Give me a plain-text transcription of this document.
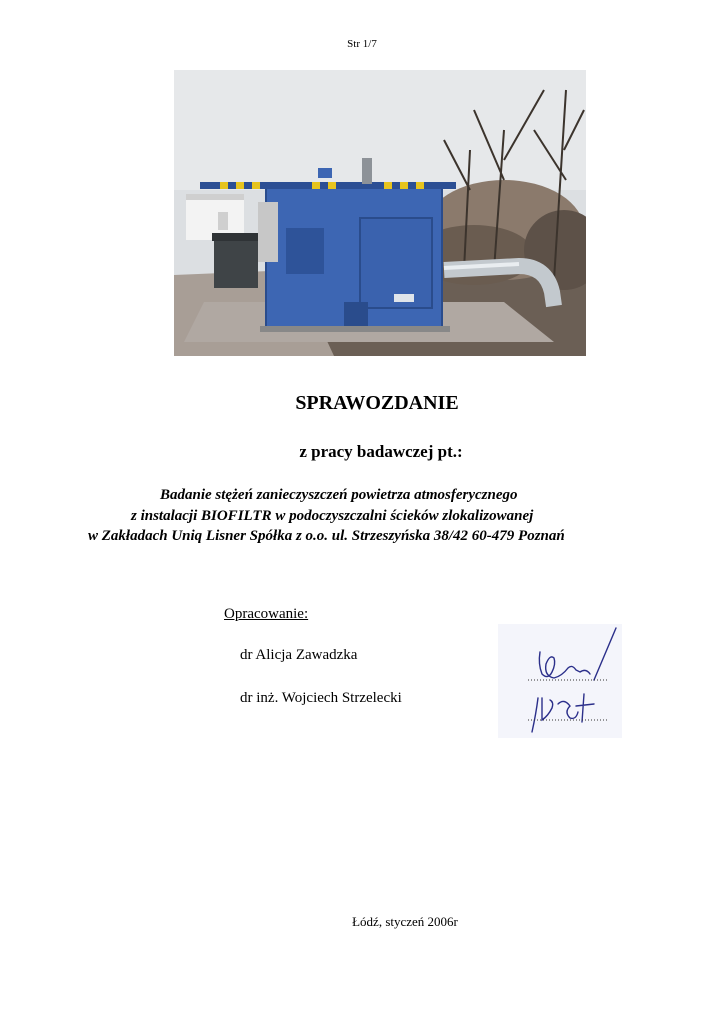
Str 1/7
SPRAWOZDANIE
z pracy badawczej pt.:
Badanie stężeń zanieczyszczeń powietrza atmosferycznego
z instalacji BIOFILTR w podoczyszczalni ścieków zlokalizowanej
w Zakładach Uniq Lisner Spółka z o.o. ul. Strzeszyńska 38/42 60-479 Poznań
Opracowanie:
dr Alicja Zawadzka
dr inż. Wojciech Strzelecki
Łódź, styczeń 2006r
